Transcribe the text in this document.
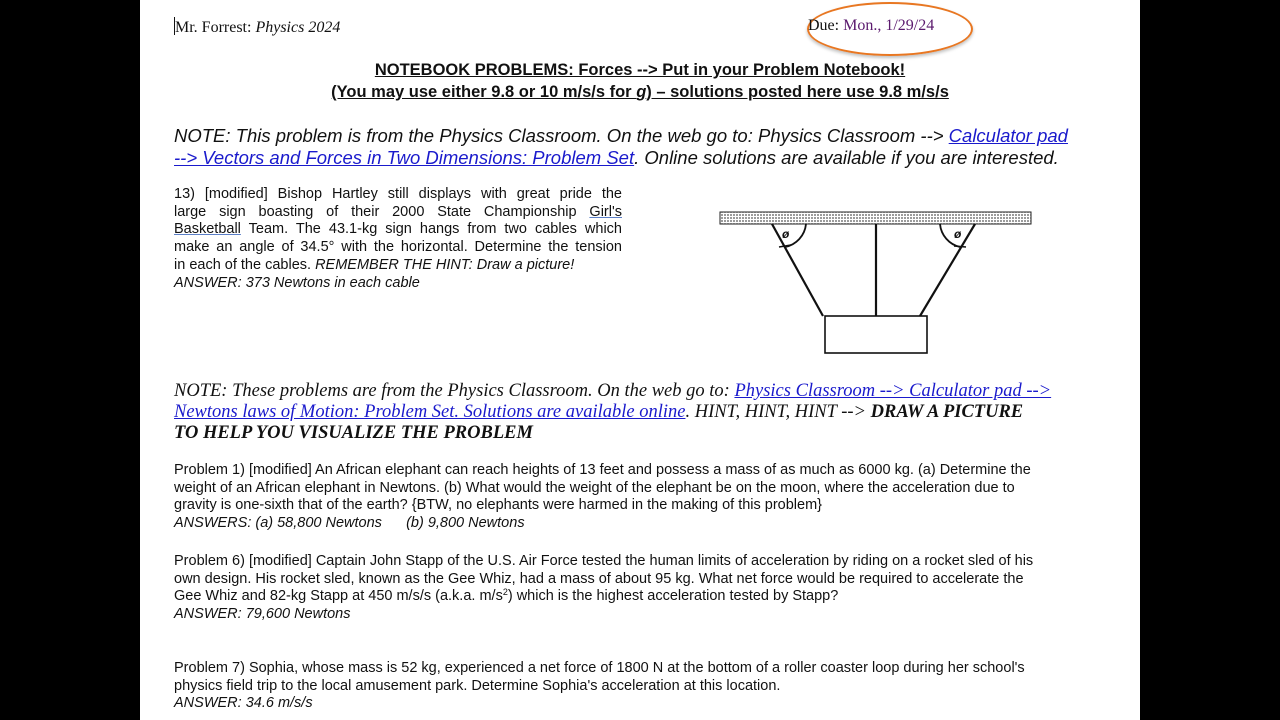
Mr. Forrest: Physics 2024	Due: Mon., 1/29/24
NOTEBOOK PROBLEMS: Forces --> Put in your Problem Notebook!
(You may use either 9.8 or 10 m/s/s for g) – solutions posted here use 9.8 m/s/s
NOTE: This problem is from the Physics Classroom. On the web go to: Physics Classroom --> Calculator pad
--> Vectors and Forces in Two Dimensions: Problem Set. Online solutions are available if you are interested.
13) [modified] Bishop Hartley still displays with great pride the
large sign boasting of their 2000 State Championship Girl's
Basketball Team. The 43.1-kg sign hangs from two cables which
make an angle of 34.5° with the horizontal. Determine the tension
in each of the cables. REMEMBER THE HINT: Draw a picture!
ANSWER: 373 Newtons in each cable
ø	ø
NOTE: These problems are from the Physics Classroom. On the web go to: Physics Classroom --> Calculator pad -->
Newtons laws of Motion: Problem Set. Solutions are available online. HINT, HINT, HINT --> DRAW A PICTURE
TO HELP YOU VISUALIZE THE PROBLEM
Problem 1) [modified] An African elephant can reach heights of 13 feet and possess a mass of as much as 6000 kg. (a) Determine the
weight of an African elephant in Newtons. (b) What would the weight of the elephant be on the moon, where the acceleration due to
gravity is one-sixth that of the earth? {BTW, no elephants were harmed in the making of this problem}
ANSWERS: (a) 58,800 Newtons      (b) 9,800 Newtons
Problem 6) [modified] Captain John Stapp of the U.S. Air Force tested the human limits of acceleration by riding on a rocket sled of his
own design. His rocket sled, known as the Gee Whiz, had a mass of about 95 kg. What net force would be required to accelerate the
Gee Whiz and 82-kg Stapp at 450 m/s/s (a.k.a. $m/s^2$) which is the highest acceleration tested by Stapp?
ANSWER: 79,600 Newtons
Problem 7) Sophia, whose mass is 52 kg, experienced a net force of 1800 N at the bottom of a roller coaster loop during her school's
physics field trip to the local amusement park. Determine Sophia's acceleration at this location.
ANSWER: 34.6 m/s/s
